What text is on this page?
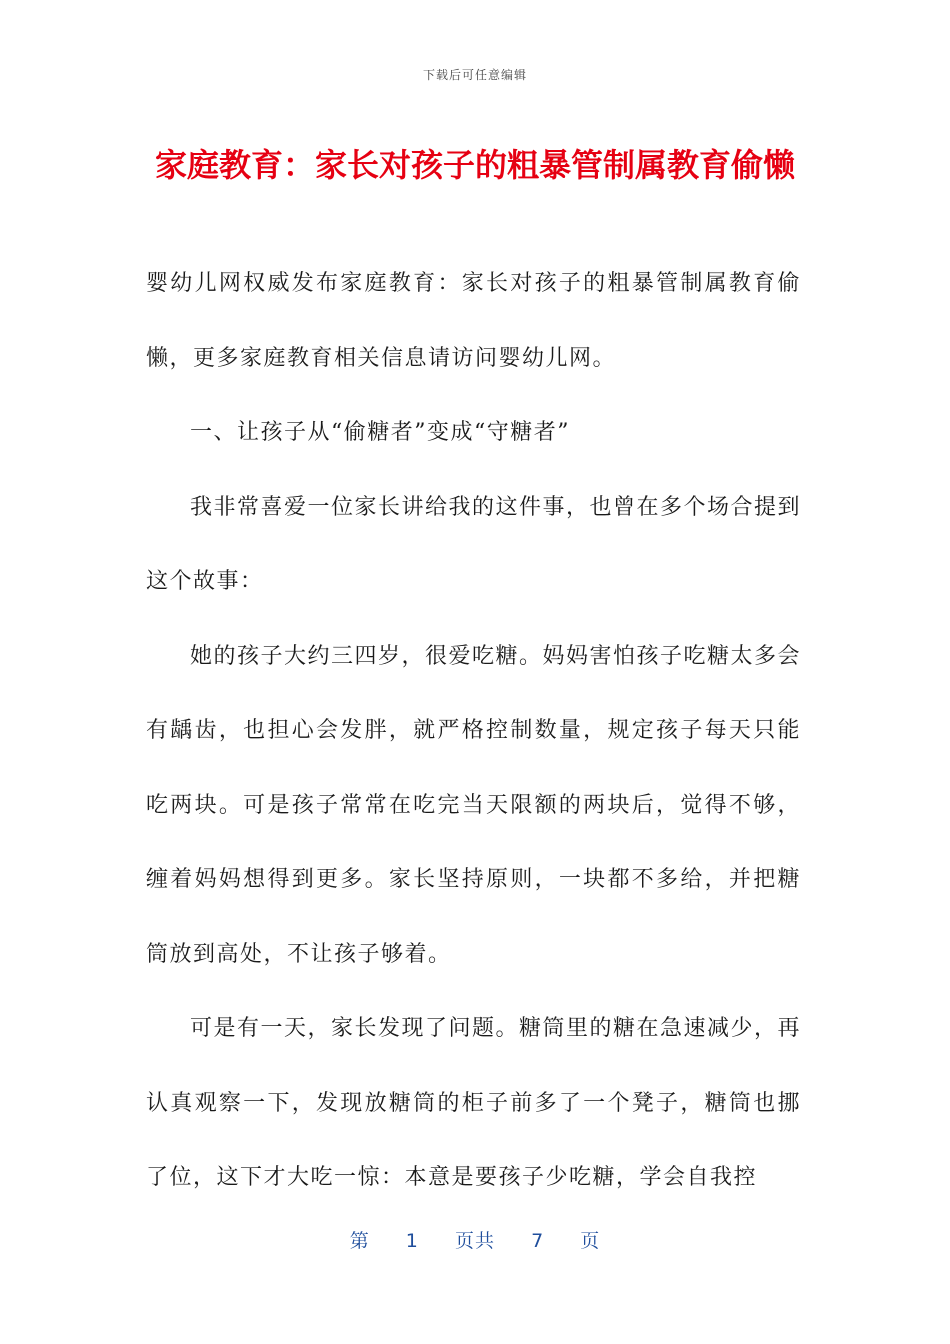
下载后可任意编辑
家庭教育：家长对孩子的粗暴管制属教育偷懒

婴幼儿网权威发布家庭教育：家长对孩子的粗暴管制属教育偷懒，更多家庭教育相关信息请访问婴幼儿网。

一、让孩子从“偷糖者”变成“守糖者”

我非常喜爱一位家长讲给我的这件事，也曾在多个场合提到这个故事：

她的孩子大约三四岁，很爱吃糖。妈妈害怕孩子吃糖太多会有龋齿，也担心会发胖，就严格控制数量，规定孩子每天只能吃两块。可是孩子常常在吃完当天限额的两块后，觉得不够，缠着妈妈想得到更多。家长坚持原则，一块都不多给，并把糖筒放到高处，不让孩子够着。

可是有一天，家长发现了问题。糖筒里的糖在急速减少，再认真观察一下，发现放糖筒的柜子前多了一个凳子，糖筒也挪了位，这下才大吃一惊：本意是要孩子少吃糖，学会自我控

第 1 页共 7 页
